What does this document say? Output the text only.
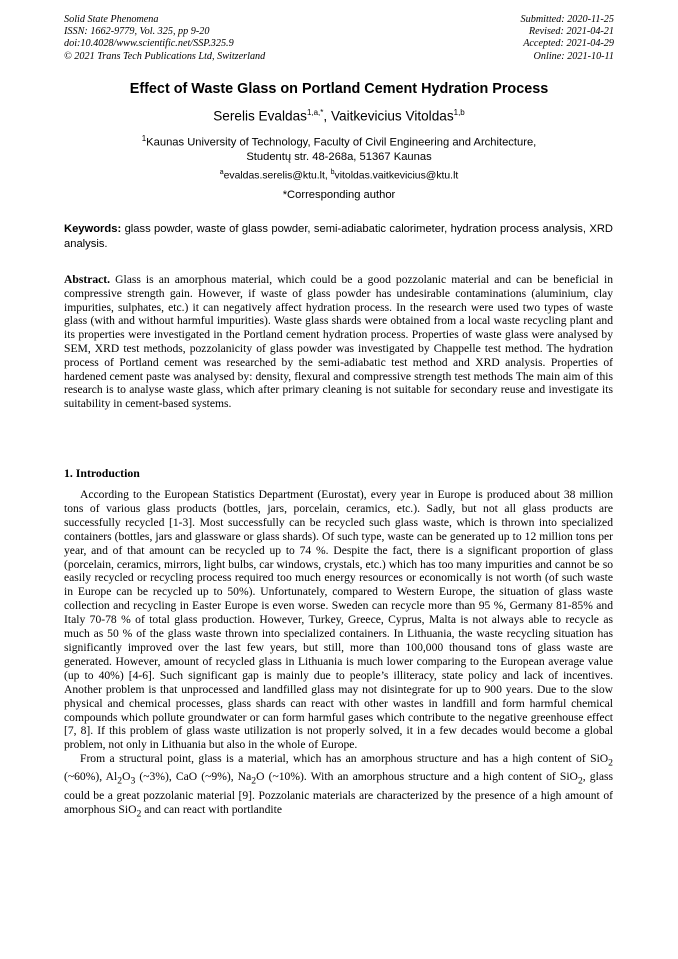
Solid State Phenomena
ISSN: 1662-9779, Vol. 325, pp 9-20
doi:10.4028/www.scientific.net/SSP.325.9
© 2021 Trans Tech Publications Ltd, Switzerland
Submitted: 2020-11-25
Revised: 2021-04-21
Accepted: 2021-04-29
Online: 2021-10-11
Effect of Waste Glass on Portland Cement Hydration Process
Serelis Evaldas$^{1,a,*}$, Vaitkevicius Vitoldas$^{1,b}$
$^1$Kaunas University of Technology, Faculty of Civil Engineering and Architecture,
Studentų str. 48-268a, 51367 Kaunas
$^a$evaldas.serelis@ktu.lt, $^b$vitoldas.vaitkevicius@ktu.lt
*Corresponding author
Keywords: glass powder, waste of glass powder, semi-adiabatic calorimeter, hydration process analysis, XRD analysis.
Abstract. Glass is an amorphous material, which could be a good pozzolanic material and can be beneficial in compressive strength gain. However, if waste of glass powder has undesirable contaminations (aluminium, clay impurities, sulphates, etc.) it can negatively affect hydration process. In the research were used two types of waste glass (with and without harmful impurities). Waste glass shards were obtained from a local waste recycling plant and its properties were investigated in the Portland cement hydration process. Properties of waste glass were analysed by SEM, XRD test methods, pozzolanicity of glass powder was investigated by Chappelle test method. The hydration process of Portland cement was researched by the semi-adiabatic test method and XRD analysis. Properties of hardened cement paste was analysed by: density, flexural and compressive strength test methods The main aim of this research is to analyse waste glass, which after primary cleaning is not suitable for secondary reuse and investigate its suitability in cement-based systems.
1. Introduction

According to the European Statistics Department (Eurostat), every year in Europe is produced about 38 million tons of various glass products (bottles, jars, porcelain, ceramics, etc.). Sadly, but not all glass products are successfully recycled [1-3]. Most successfully can be recycled such glass waste, which is thrown into specialized containers (bottles, jars and glassware or glass shards). Of such type, waste can be generated up to 12 million tons per year, and of that amount can be recycled up to 74 %. Despite the fact, there is a significant proportion of glass (porcelain, ceramics, mirrors, light bulbs, car windows, crystals, etc.) which has too many impurities and cannot be so easily recycled or recycling process required too much energy resources or economically is not worth (of such waste in Europe can be recycled up to 50%). Unfortunately, compared to Western Europe, the situation of glass waste collection and recycling in Easter Europe is even worse. Sweden can recycle more than 95 %, Germany 81-85% and Italy 70-78 % of total glass production. However, Turkey, Greece, Cyprus, Malta is not always able to recycle as much as 50 % of the glass waste thrown into specialized containers. In Lithuania, the waste recycling situation has significantly improved over the last few years, but still, more than 100,000 thousand tons of glass waste are generated. However, amount of recycled glass in Lithuania is much lower comparing to the European average value (up to 40%) [4-6]. Such significant gap is mainly due to people’s illiteracy, state policy and lack of incentives. Another problem is that unprocessed and landfilled glass may not disintegrate for up to 900 years. Due to the slow physical and chemical processes, glass shards can react with other wastes in landfill and form harmful chemical compounds which pollute groundwater or can form harmful gases which contribute to the negative greenhouse effect [7, 8]. If this problem of glass waste utilization is not properly solved, it in a few decades would become a global problem, not only in Lithuania but also in the whole of Europe.

From a structural point, glass is a material, which has an amorphous structure and has a high content of SiO$_2$ (~60%), $Al_2O_3$ (~3%), CaO (~9%), $Na_2O$ (~10%). With an amorphous structure and a high content of SiO$_2$, glass could be a great pozzolanic material [9]. Pozzolanic materials are characterized by the presence of a high amount of amorphous SiO$_2$ and can react with portlandite
